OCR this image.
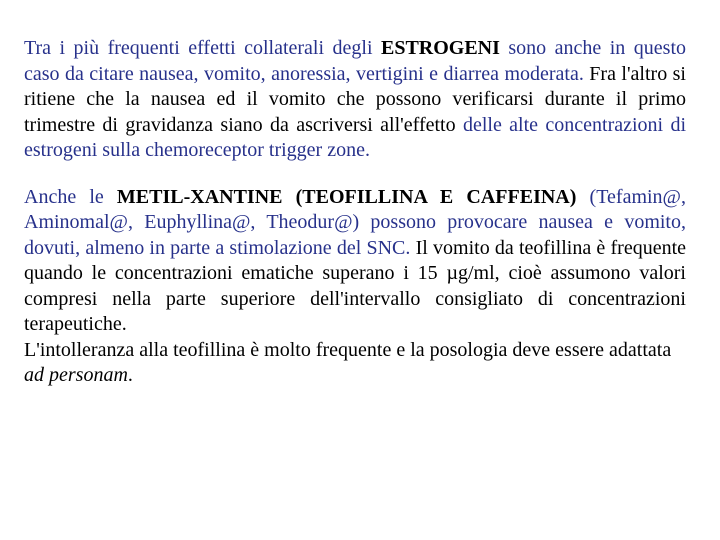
Tra i più frequenti effetti collaterali degli ESTROGENI sono anche in questo caso da citare nausea, vomito, anoressia, vertigini e diarrea moderata. Fra l'altro si ritiene che la nausea ed il vomito che possono verificarsi durante il primo trimestre di gravidanza siano da ascriversi all'effetto delle alte concentrazioni di estrogeni sulla chemoreceptor trigger zone.

Anche le METIL-XANTINE (TEOFILLINA E CAFFEINA) (Tefamin@, Aminomal@, Euphyllina@, Theodur@) possono provocare nausea e vomito, dovuti, almeno in parte a stimolazione del SNC. Il vomito da teofillina è frequente quando le concentrazioni ematiche superano i 15 µg/ml, cioè assumono valori compresi nella parte superiore dell'intervallo consigliato di concentrazioni terapeutiche.

L'intolleranza alla teofillina è molto frequente e la posologia deve essere adattata ad personam.
